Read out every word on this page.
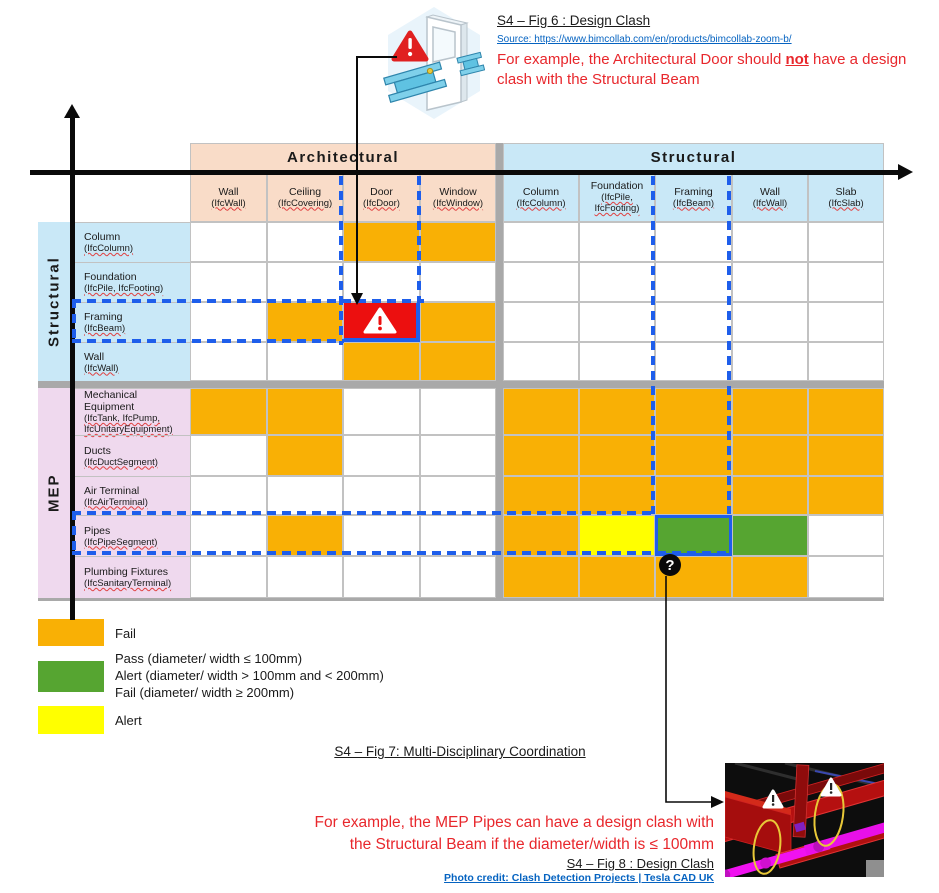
S4 – Fig 6 : Design Clash
Source: https://www.bimcollab.com/en/products/bimcollab-zoom-b/

For example, the Architectural Door should not have a design clash with the Structural Beam

Architectural	Structural
Wall
(IfcWall)
Ceiling
(IfcCovering)
Door
(IfcDoor)
Window
(IfcWindow)
Column
(IfcColumn)
Foundation
(IfcPile, IfcFooting)
Framing
(IfcBeam)
Wall
(IfcWall)
Slab
(IfcSlab)
Structural
MEP
Column
(IfcColumn)
Foundation
(IfcPile, IfcFooting)
Framing
(IfcBeam)
Wall
(IfcWall)
Mechanical Equipment
(IfcTank, IfcPump, IfcUnitaryEquipment)
Ducts
(IfcDuctSegment)
Air Terminal
(IfcAirTerminal)
Pipes
(IfcPipeSegment)
Plumbing Fixtures
(IfcSanitaryTerminal)
?
Fail
Pass (diameter/ width ≤ 100mm)
Alert (diameter/ width > 100mm and < 200mm)
Fail (diameter/ width ≥ 200mm)
Alert
S4 – Fig 7: Multi-Disciplinary Coordination
For example, the MEP Pipes can have a design clash with
the Structural Beam if the diameter/width is ≤ 100mm
S4 – Fig 8 : Design Clash
Photo credit: Clash Detection Projects | Tesla CAD UK
